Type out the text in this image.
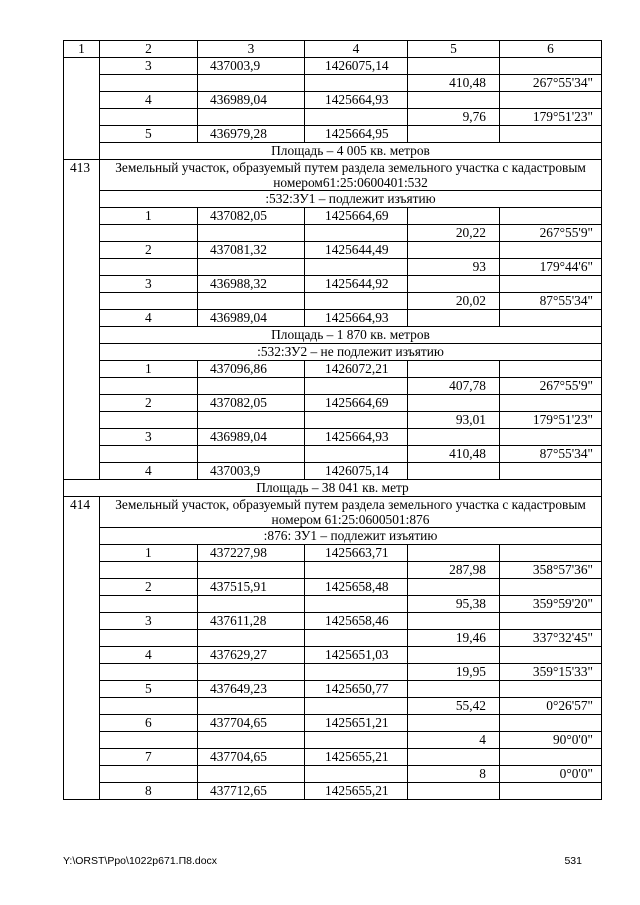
1	2	3	4	5	6
	3	437003,9	1426075,14		
				410,48	267°55'34"
	4	436989,04	1425664,93		
				9,76	179°51'23"
	5	436979,28	1425664,95		
	Площадь – 4 005 кв. метров				
413	Земельный участок, образуемый путем раздела земельного участка с кадастровым номером61:25:0600401:532				
	:532:ЗУ1 – подлежит изъятию				
	1	437082,05	1425664,69		
				20,22	267°55'9"
	2	437081,32	1425644,49		
				93	179°44'6"
	3	436988,32	1425644,92		
				20,02	87°55'34"
	4	436989,04	1425664,93		
	Площадь – 1 870 кв. метров				
	:532:ЗУ2 – не подлежит изъятию				
	1	437096,86	1426072,21		
				407,78	267°55'9"
	2	437082,05	1425664,69		
				93,01	179°51'23"
	3	436989,04	1425664,93		
				410,48	87°55'34"
	4	437003,9	1426075,14		
Площадь – 38 041 кв. метр					
414	Земельный участок, образуемый путем раздела земельного участка с кадастровым номером 61:25:0600501:876				
	:876: ЗУ1 – подлежит изъятию				
	1	437227,98	1425663,71		
				287,98	358°57'36"
	2	437515,91	1425658,48		
				95,38	359°59'20"
	3	437611,28	1425658,46		
				19,46	337°32'45"
	4	437629,27	1425651,03		
				19,95	359°15'33"
	5	437649,23	1425650,77		
				55,42	0°26'57"
	6	437704,65	1425651,21		
				4	90°0'0"
	7	437704,65	1425655,21		
				8	0°0'0"
	8	437712,65	1425655,21		
Y:\ORST\Ppo\1022p671.П8.docx	531
